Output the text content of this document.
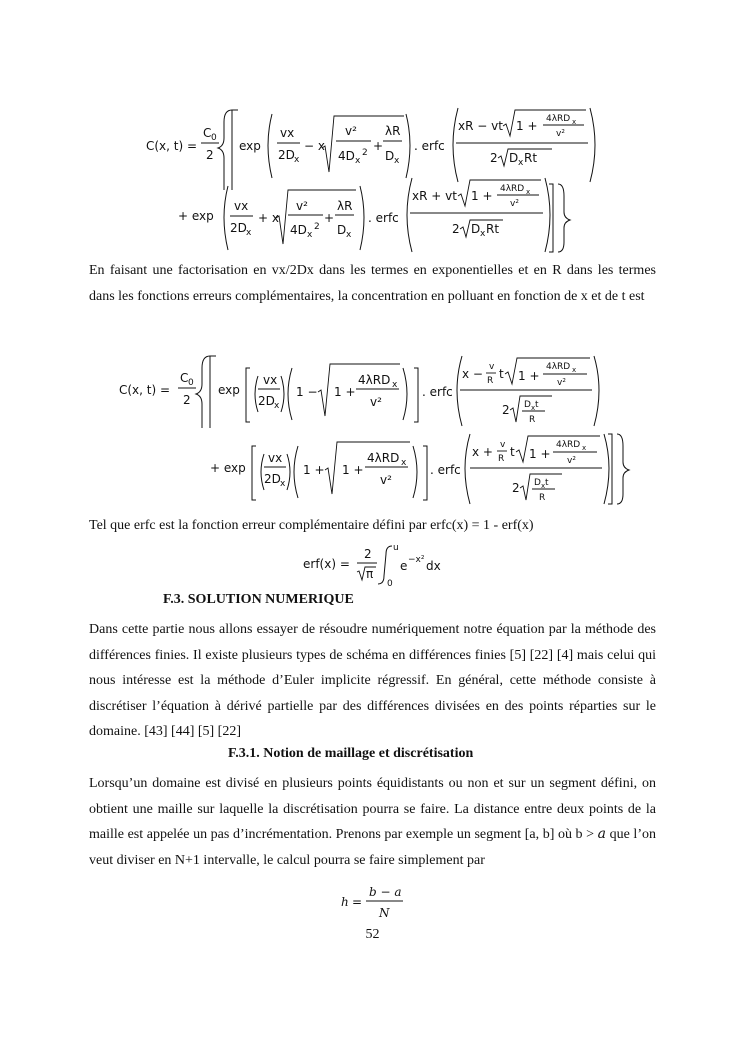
C(x, t) =
C 0
2
exp
vx
2D x
− x
v²
4D x
2 +
λR
D x
. erfc
xR − vt 1 + 4λRD x
v²
2 D x Rt
+ exp
vx
2D x
+ x
v²
4D x
2
+
λR
D x
. erfc
xR + vt 1 + 4λRD x
v²
2 D x Rt

En faisant une factorisation en vx/2Dx dans les termes en exponentielles et en R dans les termes dans les fonctions erreurs complémentaires, la concentration en polluant en fonction de x et de t est

C(x, t) =
C 0
2
exp
vx
2D x
1 − 1 +
4λRD x
v²
. erfc
x − v
R t 1 +
4λRD x
v²
2 D x t
R
+ exp
vx
2D x
1 + 1 +
4λRD x
v²
. erfc
x + v
R t 1 +
4λRD x
v²
2 D x t
R

Tel que erfc est la fonction erreur complémentaire défini par erfc(x) = 1 - erf(x)

erf(x) =
2
π
u
0
e −x² dx

F.3. SOLUTION NUMERIQUE

Dans cette partie nous allons essayer de résoudre numériquement notre équation par la méthode des différences finies. Il existe plusieurs types de schéma en différences finies [5] [22] [4] mais celui qui nous intéresse est la méthode d’Euler implicite régressif. En général, cette méthode consiste à discrétiser l’équation à dérivé partielle par des différences divisées en des points réparties sur le domaine. [43] [44] [5] [22]

F.3.1. Notion de maillage et discrétisation

Lorsqu’un domaine est divisé en plusieurs points équidistants ou non et sur un segment défini, on obtient une maille sur laquelle la discrétisation pourra se faire. La distance entre deux points de la maille est appelée un pas d’incrémentation. Prenons par exemple un segment [a, b] où b > a que l’on veut diviser en N+1 intervalle, le calcul pourra se faire simplement par

h =
b − a
N
52
